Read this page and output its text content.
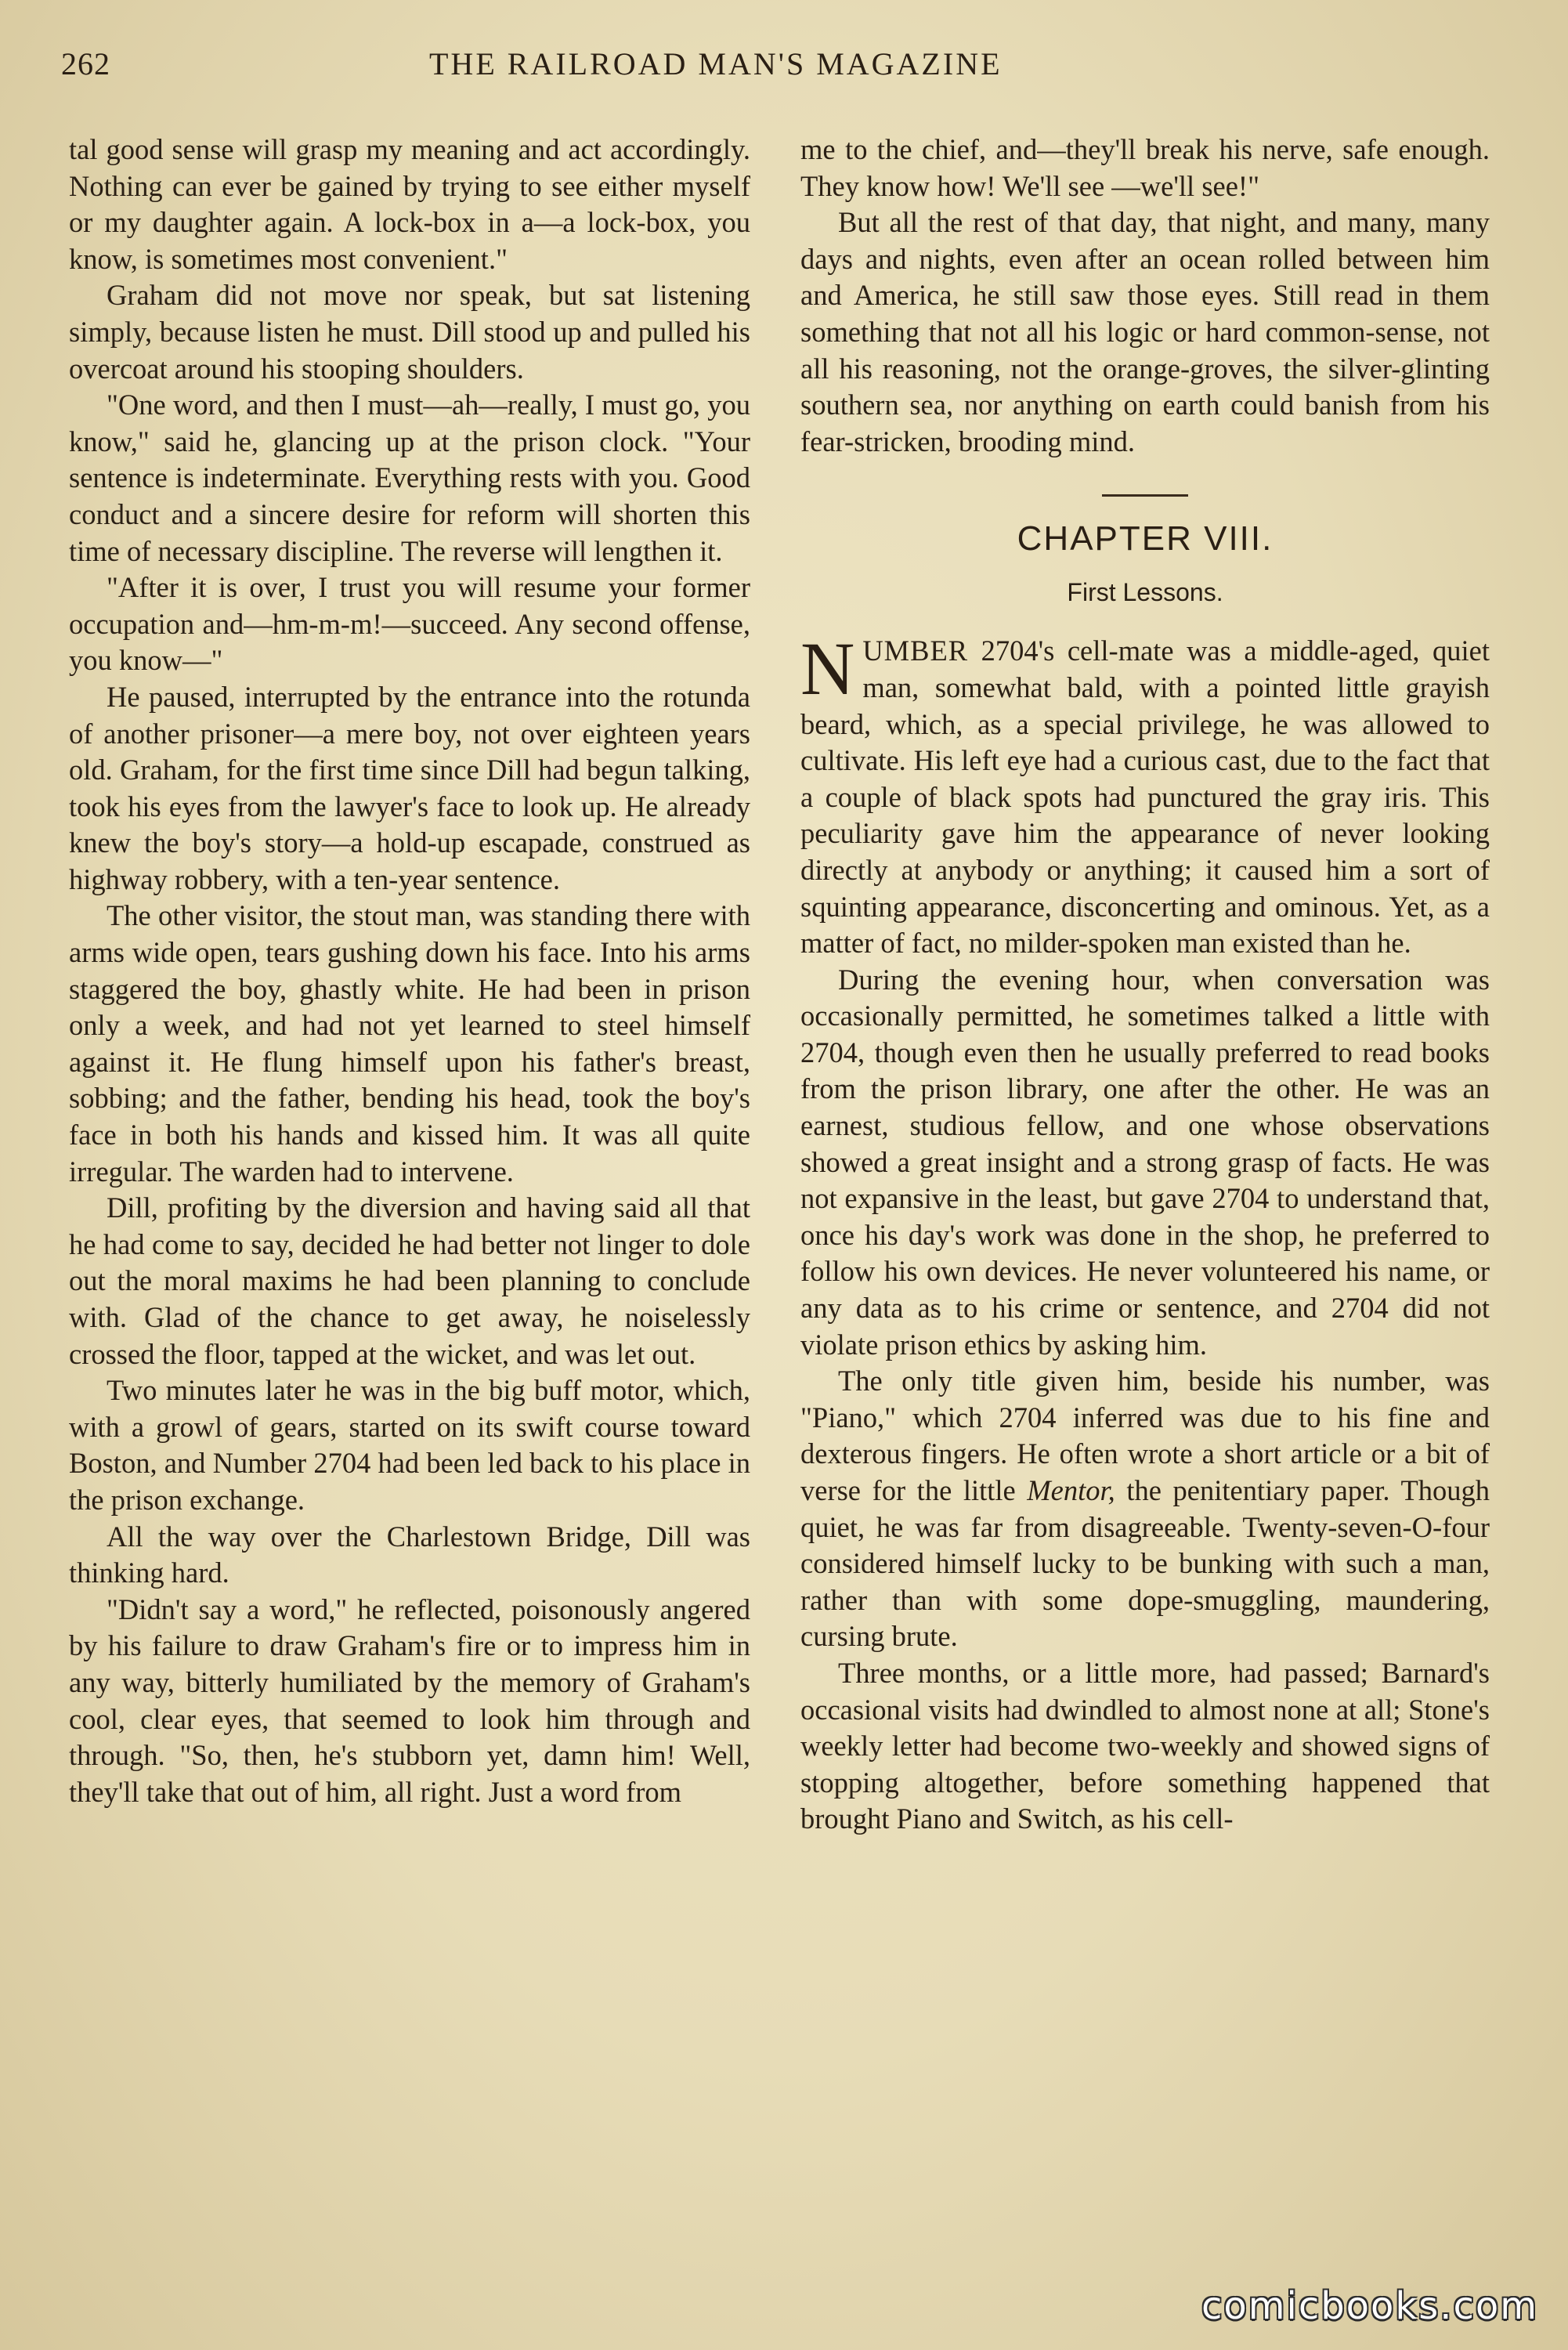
262	THE RAILROAD MAN'S MAGAZINE

tal good sense will grasp my meaning and act accordingly. Nothing can ever be gained by trying to see either myself or my daughter again. A lock-box in a—a lock-box, you know, is sometimes most convenient."

Graham did not move nor speak, but sat listening simply, because listen he must. Dill stood up and pulled his overcoat around his stooping shoulders.

"One word, and then I must—ah—really, I must go, you know," said he, glancing up at the prison clock. "Your sentence is indeterminate. Everything rests with you. Good conduct and a sincere desire for reform will shorten this time of necessary discipline. The reverse will lengthen it.

"After it is over, I trust you will resume your former occupation and—hm-m-m!—succeed. Any second offense, you know—"

He paused, interrupted by the entrance into the rotunda of another prisoner—a mere boy, not over eighteen years old. Graham, for the first time since Dill had begun talking, took his eyes from the lawyer's face to look up. He already knew the boy's story—a hold-up escapade, construed as highway robbery, with a ten-year sentence.

The other visitor, the stout man, was standing there with arms wide open, tears gushing down his face. Into his arms staggered the boy, ghastly white. He had been in prison only a week, and had not yet learned to steel himself against it. He flung himself upon his father's breast, sobbing; and the father, bending his head, took the boy's face in both his hands and kissed him. It was all quite irregular. The warden had to intervene.

Dill, profiting by the diversion and having said all that he had come to say, decided he had better not linger to dole out the moral maxims he had been planning to conclude with. Glad of the chance to get away, he noiselessly crossed the floor, tapped at the wicket, and was let out.

Two minutes later he was in the big buff motor, which, with a growl of gears, started on its swift course toward Boston, and Number 2704 had been led back to his place in the prison exchange.

All the way over the Charlestown Bridge, Dill was thinking hard.

"Didn't say a word," he reflected, poisonously angered by his failure to draw Graham's fire or to impress him in any way, bitterly humiliated by the memory of Graham's cool, clear eyes, that seemed to look him through and through. "So, then, he's stubborn yet, damn him! Well, they'll take that out of him, all right. Just a word from

me to the chief, and—they'll break his nerve, safe enough. They know how! We'll see —we'll see!"

But all the rest of that day, that night, and many, many days and nights, even after an ocean rolled between him and America, he still saw those eyes. Still read in them something that not all his logic or hard common-sense, not all his reasoning, not the orange-groves, the silver-glinting southern sea, nor anything on earth could banish from his fear-stricken, brooding mind.

CHAPTER VIII.
First Lessons.

NUMBER 2704's cell-mate was a middle-aged, quiet man, somewhat bald, with a pointed little grayish beard, which, as a special privilege, he was allowed to cultivate. His left eye had a curious cast, due to the fact that a couple of black spots had punctured the gray iris. This peculiarity gave him the appearance of never looking directly at anybody or anything; it caused him a sort of squinting appearance, disconcerting and ominous. Yet, as a matter of fact, no milder-spoken man existed than he.

During the evening hour, when conversation was occasionally permitted, he sometimes talked a little with 2704, though even then he usually preferred to read books from the prison library, one after the other. He was an earnest, studious fellow, and one whose observations showed a great insight and a strong grasp of facts. He was not expansive in the least, but gave 2704 to understand that, once his day's work was done in the shop, he preferred to follow his own devices. He never volunteered his name, or any data as to his crime or sentence, and 2704 did not violate prison ethics by asking him.

The only title given him, beside his number, was "Piano," which 2704 inferred was due to his fine and dexterous fingers. He often wrote a short article or a bit of verse for the little Mentor, the penitentiary paper. Though quiet, he was far from disagreeable. Twenty-seven-O-four considered himself lucky to be bunking with such a man, rather than with some dope-smuggling, maundering, cursing brute.

Three months, or a little more, had passed; Barnard's occasional visits had dwindled to almost none at all; Stone's weekly letter had become two-weekly and showed signs of stopping altogether, before something happened that brought Piano and Switch, as his cell-

comicbooks.com
